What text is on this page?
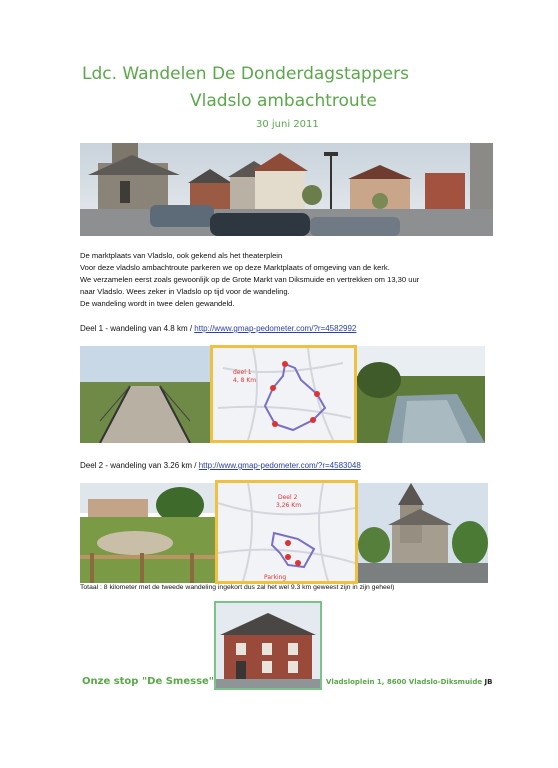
Ldc. Wandelen De Donderdagstappers
Vladslo ambachtroute
30 juni 2011
De marktplaats van Vladslo, ook gekend als het theaterplein
Voor deze vladslo ambachtroute parkeren we op deze Marktplaats of omgeving van de kerk.
We verzamelen eerst zoals gewoonlijk op de Grote Markt van Diksmuide en vertrekken om 13,30 uur
naar Vladslo. Wees zeker in Vladslo op tijd voor de wandeling.
De wandeling wordt in twee delen gewandeld.
Deel 1 - wandeling van 4.8 km / http://www.gmap-pedometer.com/?r=4582992
deel 1
4, 8 Km
Deel 2 - wandeling van 3.26 km / http://www.gmap-pedometer.com/?r=4583048
Deel 2
3,26 Km
Parking
Totaal : 8 kilometer met de tweede wandeling ingekort dus zal het wel 9.3 km geweest zijn in zijn geheel)
Onze stop "De Smesse"	Vladsloplein 1, 8600 Vladslo-Diksmuide JB
